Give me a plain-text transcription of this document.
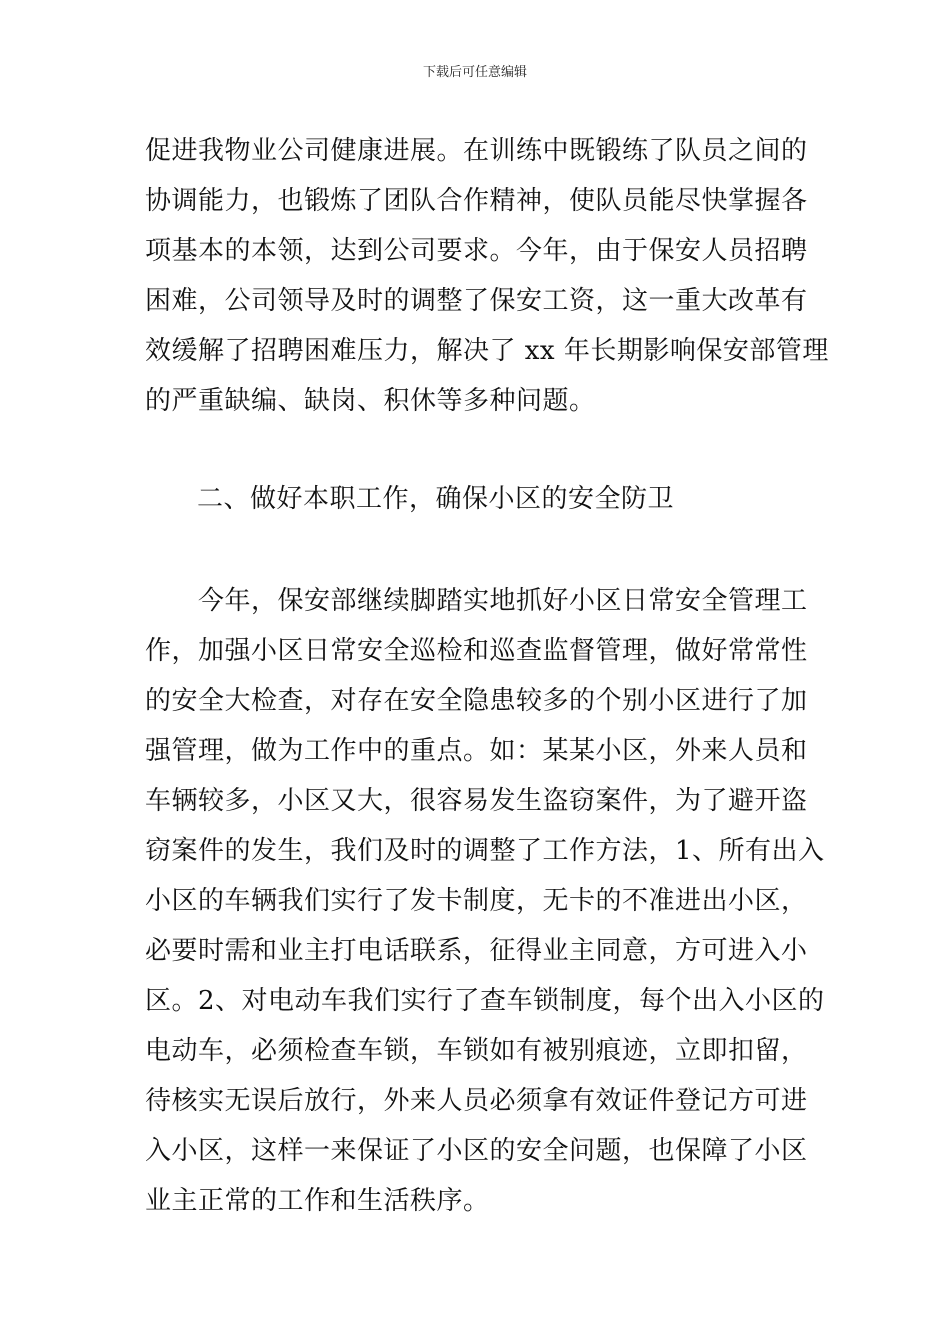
下载后可任意编辑
促进我物业公司健康进展。在训练中既锻练了队员之间的
协调能力，也锻炼了团队合作精神，使队员能尽快掌握各
项基本的本领，达到公司要求。今年，由于保安人员招聘
困难，公司领导及时的调整了保安工资，这一重大改革有
效缓解了招聘困难压力，解决了 xx 年长期影响保安部管理
的严重缺编、缺岗、积休等多种问题。
二、做好本职工作，确保小区的安全防卫
　　今年，保安部继续脚踏实地抓好小区日常安全管理工
作，加强小区日常安全巡检和巡查监督管理，做好常常性
的安全大检查，对存在安全隐患较多的个别小区进行了加
强管理，做为工作中的重点。如：某某小区，外来人员和
车辆较多，小区又大，很容易发生盗窃案件，为了避开盗
窃案件的发生，我们及时的调整了工作方法，1、所有出入
小区的车辆我们实行了发卡制度，无卡的不准进出小区，
必要时需和业主打电话联系，征得业主同意，方可进入小
区。2、对电动车我们实行了查车锁制度，每个出入小区的
电动车，必须检查车锁，车锁如有被别痕迹，立即扣留，
待核实无误后放行，外来人员必须拿有效证件登记方可进
入小区，这样一来保证了小区的安全问题，也保障了小区
业主正常的工作和生活秩序。
